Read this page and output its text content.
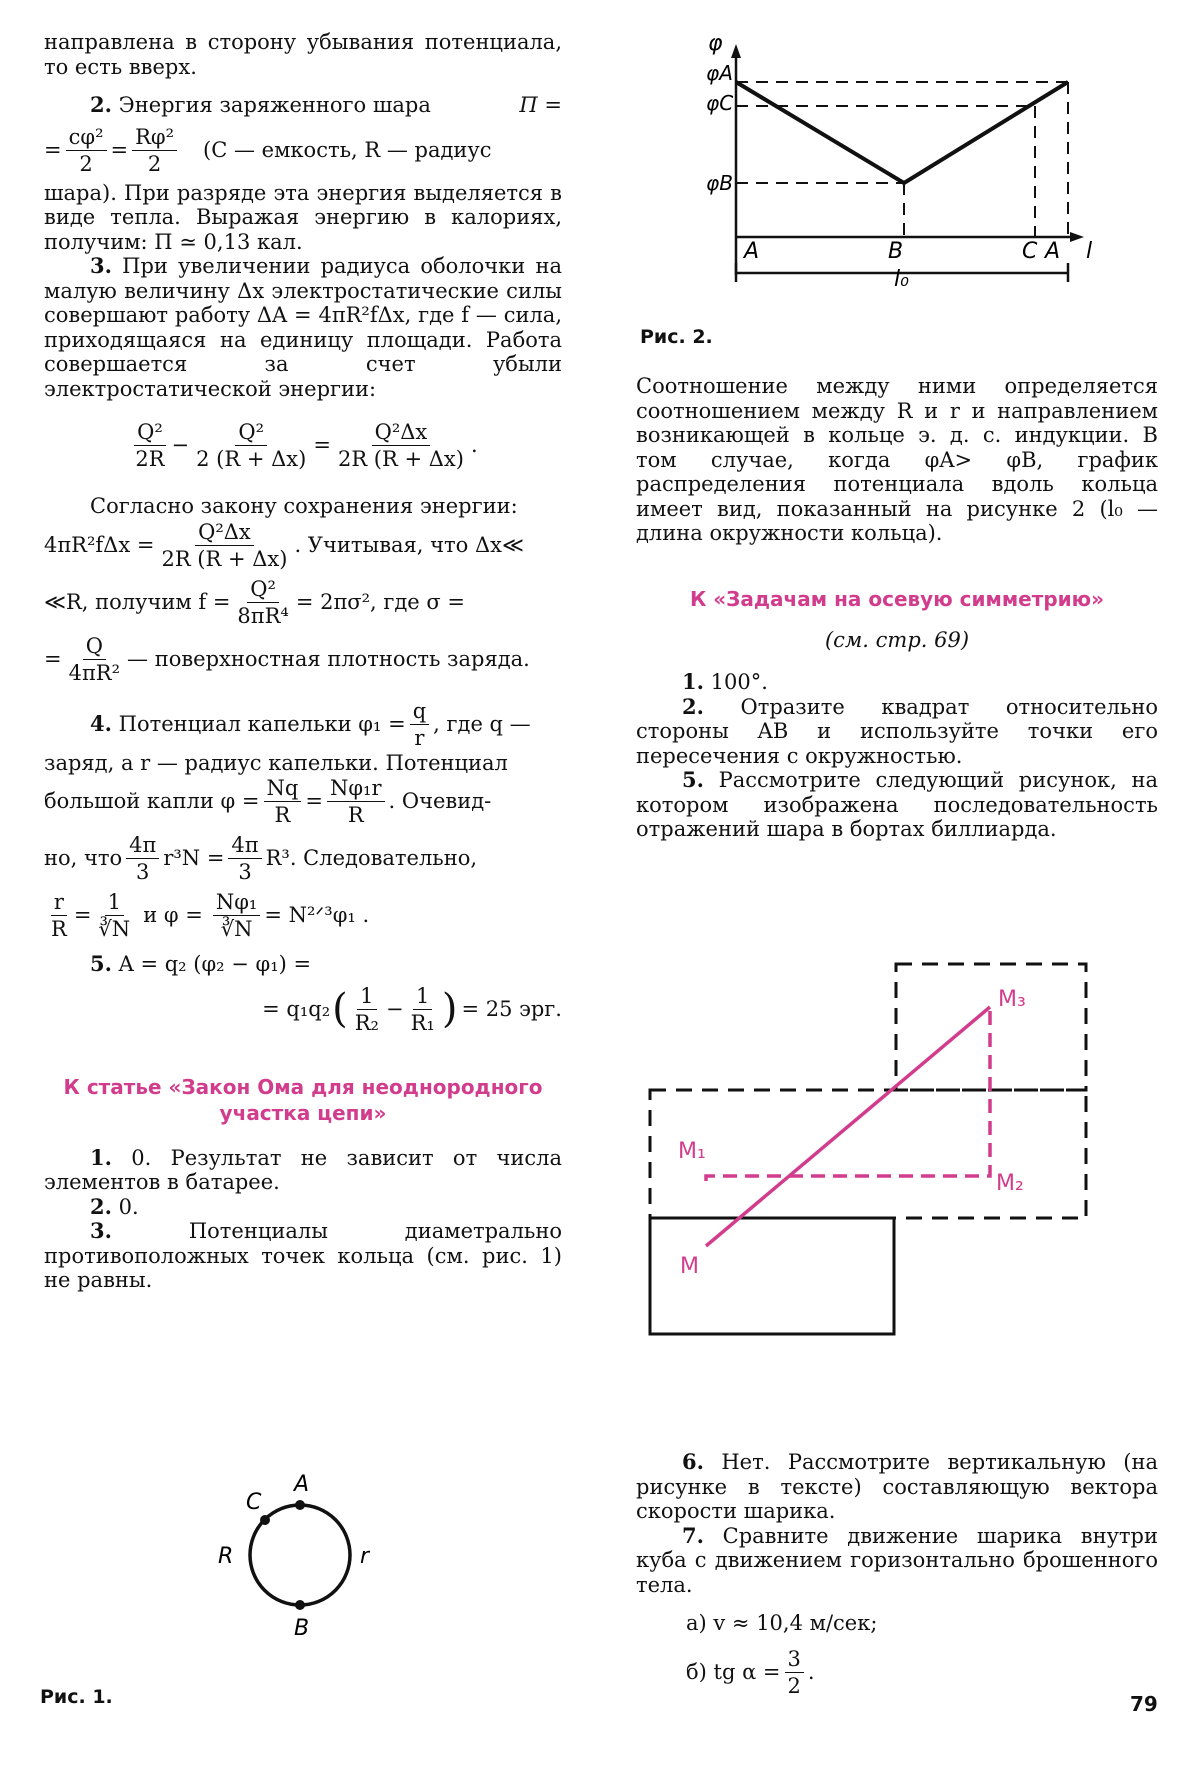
направлена в сторону убывания потенциала, то есть вверх.

2. Энергия заряженного шара	П =
= $\frac{\text{cφ²}}{2} = \frac{\text{Rφ²}}{2} (C$ — емкость, R — радиус

шара). При разряде эта энергия выделяется в виде тепла. Выражая энергию в калориях, получим: П ≃ 0,13 кал.

3. При увеличении радиуса оболочки на малую величину Δx электростатические силы совершают работу ΔA = 4πR²fΔx, где f — сила, приходящаяся на единицу площади. Работа совершается за счет убыли электростатической энергии:

$\frac{\text{Q²}}{2R} - \frac{\text{Q²}}{2 (R + \Delta x)} = \frac{\text{Q²Δx}}{2R (R + \Delta x)}$ .

Согласно закону сохранения энергии:

$4\pi R^2f\Delta x = \frac{\text{Q²Δx}}{2R (R + \Delta x)}$ . Учитывая, что Δx≪
≪R, получим $f = \frac{\text{Q²}}{\text{8πR⁴}} = 2\pi\sigma^2$, где σ =
= $\frac{Q}{\text{4πR²}}$ — поверхностная плотность заряда.
4.
Потенциал капельки $\varphi_1 = \frac{q}{r}$ , где q —

заряд, а r — радиус капельки. Потенциал

большой капли $\varphi = \frac{Nq}{R} = \frac{\text{Nφ₁r}}{R}$ . Очевид-
но, что $\frac{4\pi}{3} r^3N = \frac{4\pi}{3} R^3$. Следовательно,
$\frac{r}{R} = \frac{1}{∛N}$ и $\varphi = \frac{\text{Nφ₁}}{∛N}$ = N²ᐟ³φ₁ .
5.
A = q₂ (φ₂ − φ₁) =
= q₁q₂ ( $\frac{1}{\text{R₂}} - \frac{1}{\text{R₁}}$ ) = 25 эрг.

К статье «Закон Ома для неоднородного участка цепи»

1. 0. Результат не зависит от числа элементов в батарее.

2. 0.

3.	Потенциалы диаметрально противоположных точек кольца (см. рис. 1) не равны.

A
C
R	r
B
Рис. 1.
φ
φA
φC
φB
A	B	C A l
l₀
Рис. 2.

Соотношение между ними определяется соотношением между R и r и направлением возникающей в кольце э. д. с. индукции. В том случае, когда φA> φB, график распределения потенциала вдоль кольца имеет вид, показанный на рисунке 2 (l₀ — длина окружности кольца).

К «Задачам на осевую симметрию»

(см. стр. 69)

1. 100°.

2. Отразите квадрат относительно стороны AB и используйте точки его пересечения с окружностью.

5. Рассмотрите следующий рисунок, на котором изображена последовательность отражений шара в бортах биллиарда.

M
M₁
M₂
M₃

6. Нет. Рассмотрите вертикальную (на рисунке в тексте) составляющую вектора скорости шарика.

7. Сравните движение шарика внутри куба с движением горизонтально брошенного тела.

а) v ≈ 10,4 м/сек;

б) tg $\alpha = \frac{3}{2}$ .
79
